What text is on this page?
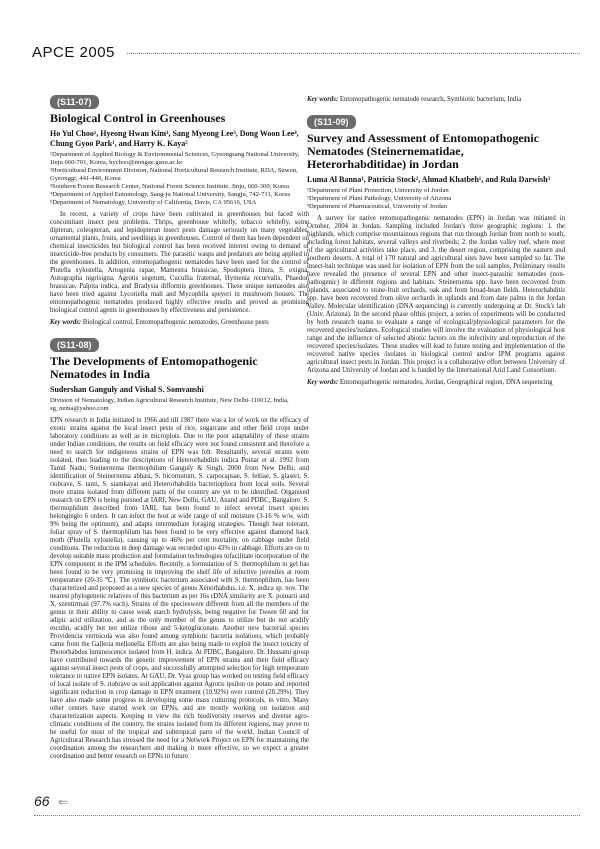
APCE 2005
(S11-07)
Biological Control in Greenhouses
Ho Yul Choo¹, Hyeong Hwan Kim³, Sang Myeong Lee³, Dong Woon Lee⁴, Chung Gyoo Park¹, and Harry K. Kaya⁵

¹Department of Applied Biology & Environmental Sciences, Gyeongsang National University, Jinju 660-701, Korea, hychoo@nongae.gsnu.ac.kr

²Horticultural Environment Division, National Horticultural Research Institute, RDA, Suwon, Gyeonggi, 441-440, Korea

³Southern Forest Research Center, National Forest Science Institute, Jinju, 660-300, Korea

⁴Department of Applied Entomology, Sang-ju National University, Sangju, 742-711, Korea

⁵Department of Nematology, University of California, Davis, CA 95616, USA

In recent, a variety of crops have been cultivated in greenhouses but faced with concomitant insect pest problems. Thrips, greenhouse whitefly, tobacco whitefly, some dipteran, coleopteran, and lepidopteran insect pests damage seriously on many vegetables, ornamental plants, fruits, and seedlings in greenhouses. Control of them has been dependent on chemical insecticides but biological control has been received interest owing to demand of insecticide-free products by consumers. The parasitic wasps and predators are being applied in the greenhouses. In addition, entomopathogenic nematodes have been used for the control of Plutella xylostella, Artogenia rapae, Mamestra brassicae, Spodoptera litura, S. exigua, Autographa nigrisigna, Agrotis segetum, Cucullia fraternal, Hymenia recurvalis, Phaedon brassicae, Palpita indica, and Bradysia difformis greenhouses. These unique nematodes also have been tried against Lycoriella mali and Mycophila speyeri in mushroom houses. The entomopathogenic nematodes produced highly effective results and proved as promising biological control agents in greenhouses by effectiveness and persistence.

Key words: Biological control, Entomopathogenic nematodes, Greenhouse pests
(S11-08)
The Developments of Entomopathogenic Nematodes in India
Sudershan Ganguly and Vishal S. Somvanshi

Division of Nematology, Indian Agricultural Research Institute, New Delhi-110012, India, sg_nema@yahoo.com

EPN research in India initiated in 1966 and till 1987 there was a lot of work on the efficacy of exotic strains against the local insect pests of rice, sugarcane and other field crops under laboratory conditions as well as in microplots. Due to the poor adaptability of these strains under Indian conditions, the results on field efficacy were not found consistent and therefore a need to search for indigenous strains of EPN was felt. Resultantly, several strains were isolated, thus leading to the descriptions of Heterorhabditis indica Poinar et al. 1992 from Tamil Nadu; Steinernema thermophilum Ganguly & Singh, 2000 from New Delhi; and identification of Steinernema abbasi, S. bicornutum, S. carpocapsae, S. feltiae, S. glaseri, S. riobrave, S. tami, S. siamkayai and Heterorhabditis bacteriophora from local soils. Several more strains isolated from different parts of the country are yet to be identified. Organised research on EPN is being pursued at IARI, New Delhi, GAU, Anand and PDBC, Bangalore. S. thermophilum described from IARI, has been found to infect several insect species belongingto 6 orders. It can infect the host at wide range of soil moisture (3-16 % w/w, with 9% being the optimum), and adapts intermediate foraging strategies. Though heat tolerant, foliar spray of S. thermophilum has been found to be very effective against diamond back moth (Plutella xylostella), causing up to 46% per cent mortality, on cabbage under field conditions. The reduction in deep damage was recorded upto 43% in cabbage. Efforts are on to develop suitable mass production and formulation technologies tofacilitate incorporation of the EPN component in the IPM schedules. Recently, a formulation of S. thermophilum in gel has been found to be very promising in improving the shelf life of infective juveniles at room temperature (20-35 ℃). The symbiotic bacterium associated with S. thermophilum, has been characterized and proposed as a new species of genus Xenorhabdus, i.e. X. indica sp. nov. The nearest phylogenetic relatives of this bacterium as per 16s rDNA similarity are X. poinarii and X. szentirmaii (97.7% each). Strains of the specieswere different from all the members of the genus in their ability to cause weak starch hydrolysis, being negative for Tween 60 and for adipic acid utilization, and as the only member of the genus to utilize but do not acidify esculin, acidify but not utilize ribose and 5-ketogluconate. Another new bacterial species Providencia vermicola was also found among symbiotic bacteria isolations, which probably came from the Galleria mellonella. Efforts are also being made to exploit the insect toxicity of Photorhabdus luminescence isolated from H. indica. At PDBC, Bangalore, Dr. Hussaini group have contributed towards the genetic improvement of EPN strains and their field efficacy against several insect pests of crops, and successfully attempted selection for high temperature tolerance in native EPN isolates. At GAU, Dr. Vyas group has worked on testing field efficacy of local isolate of S. riobrave as soil application against Agrotis ipsilon on potato and reported significant reduction in crop damage in EPN treatment (10.92%) over control (28.29%). They have also made some progress in developing some mass culturing protocols, in vitro. Many other centers have started work on EPNs, and are mostly working on isolation and characterization aspects. Keeping in view the rich biodiversity reserves and diverse agro-climatic conditions of the country, the strains isolated from its different regions, may prove to be useful for most of the tropical and subtropical parts of the world. Indian Council of Agricultural Research has stressed the need for a Network Project on EPN for maintaining the coordination among the researchers and making it more effective, so we expect a greater coordination and better research on EPNs in future.

Key words: Entomopathogenic nematode research, Symbiotic bacterium, India
(S11-09)
Survey and Assessment of Entomopathogenic Nematodes (Steinernematidae, Heterorhabditidae) in Jordan
Luma Al Banna¹, Patricia Stock², Ahmad Khatbeh¹, and Rula Darwish³

¹Department of Plant Protection, University of Jordan

²Department of Plant Pathology, University of Arizona

³Department of Pharmaceutical, University of Jordan

A survey for native entomopathogenic nematodes (EPN) in Jordan was initiated in October, 2004 in Jordan. Sampling included Jordan's three geographic regions: 1. the highlands, which comprise mountainous regions that run through Jordan from north to south, including forest habitats, several valleys and riverbeds; 2. the Jordan valley reef, where most of the agricultural activities take place, and 3. the desert region, comprising the eastern and southern deserts. A total of 170 natural and agricultural sites have been sampled so far. The insect-bait technique was used for isolation of EPN from the soil samples. Preliminary results have revealed the presence of several EPN and other insect-parasitic nematodes (non- pathogenic) in different regions and habitats. Steinernema spp. have been recovered from uplands, associated to stone-fruit orchards, oak and from broad-bean fields. Heterorhabditis spp. have been recovered from olive orchards in uplands and from date palms in the Jordan Valley. Molecular identification (DNA sequencing) is currently undergoing at Dr. Stock's lab (Univ. Arizona). In the second phase ofthis project, a series of experiments will be conducted by both research teams to evaluate a range of ecological/physiological parameters for the recovered species/isolates. Ecological studies will involve the evaluation of physiological host range and the influence of selected abiotic factors on the infectivity and reproduction of the recovered species/isolates. These studies will lead to future testing and implementation of the recovered native species /isolates in biological control and/or IPM programs against agricultural insect pests in Jordan. This project is a collaborative effort between University of Arizona and University of Jordan and is funded by the International Arid Land Consortium.

Key words: Entomopathogenic nematodes, Jordan, Geographical region, DNA sequencing
66 ⇐
